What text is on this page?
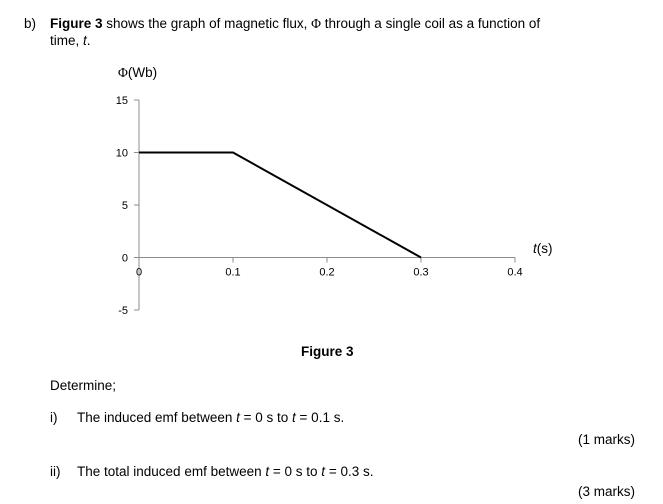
b) Figure 3 shows the graph of magnetic flux, Φ through a single coil as a function of
time, t.
Φ(Wb)
t(s)
15
10
5
0
-5
0	0.1	0.2	0.3	0.4
Figure 3
Determine;
i) The induced emf between t = 0 s to t = 0.1 s.
(1 marks)
ii) The total induced emf between t = 0 s to t = 0.3 s.
(3 marks)
